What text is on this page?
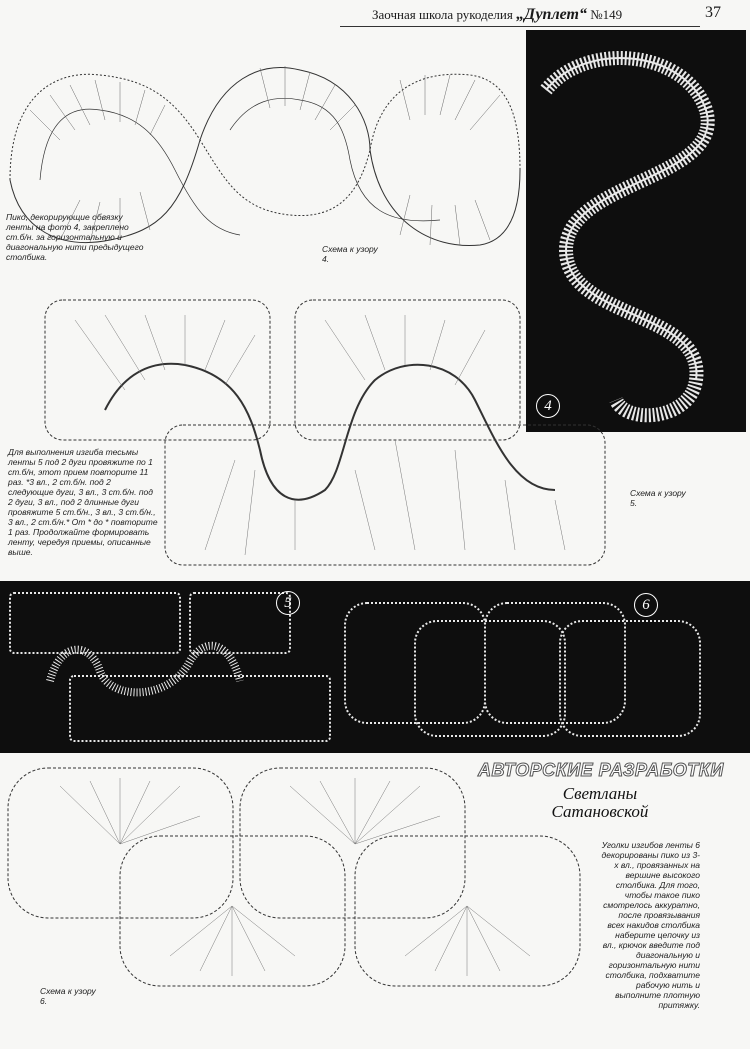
Заочная школа рукоделия „Дуплет“ №149	37
Пико, декорирующие обвязку ленты на фото 4, закреплено ст.б/н. за горизонтальную и диагональную нити предыдущего столбика.
Схема к узору 4.
4
Для выполнения изгиба тесьмы ленты 5 под 2 дуги провяжите по 1 ст.б/н, этот прием повторите 11 раз. *3 вл., 2 ст.б/н. под 2 следующие дуги, 3 вл., 3 ст.б/н. под 2 дуги, 3 вл., под 2 длинные дуги провяжите 5 ст.б/н., 3 вл., 3 ст.б/н., 3 вл., 2 ст.б/н.* От * до * повторите 1 раз. Продолжайте формировать ленту, чередуя приемы, описанные выше.
Схема к узору 5.
5	6
АВТОРСКИЕ РАЗРАБОТКИ
Светланы
Сатановской
Уголки изгибов ленты 6 декорированы пико из 3-х вл., провязанных на вершине высокого столбика. Для того, чтобы такое пико смотрелось аккуратно, после провязывания всех накидов столбика наберите цепочку из вл., крючок введите под диагональную и горизонтальную нити столбика, подхватите рабочую нить и выполните плотную притяжку.
Схема к узору 6.
